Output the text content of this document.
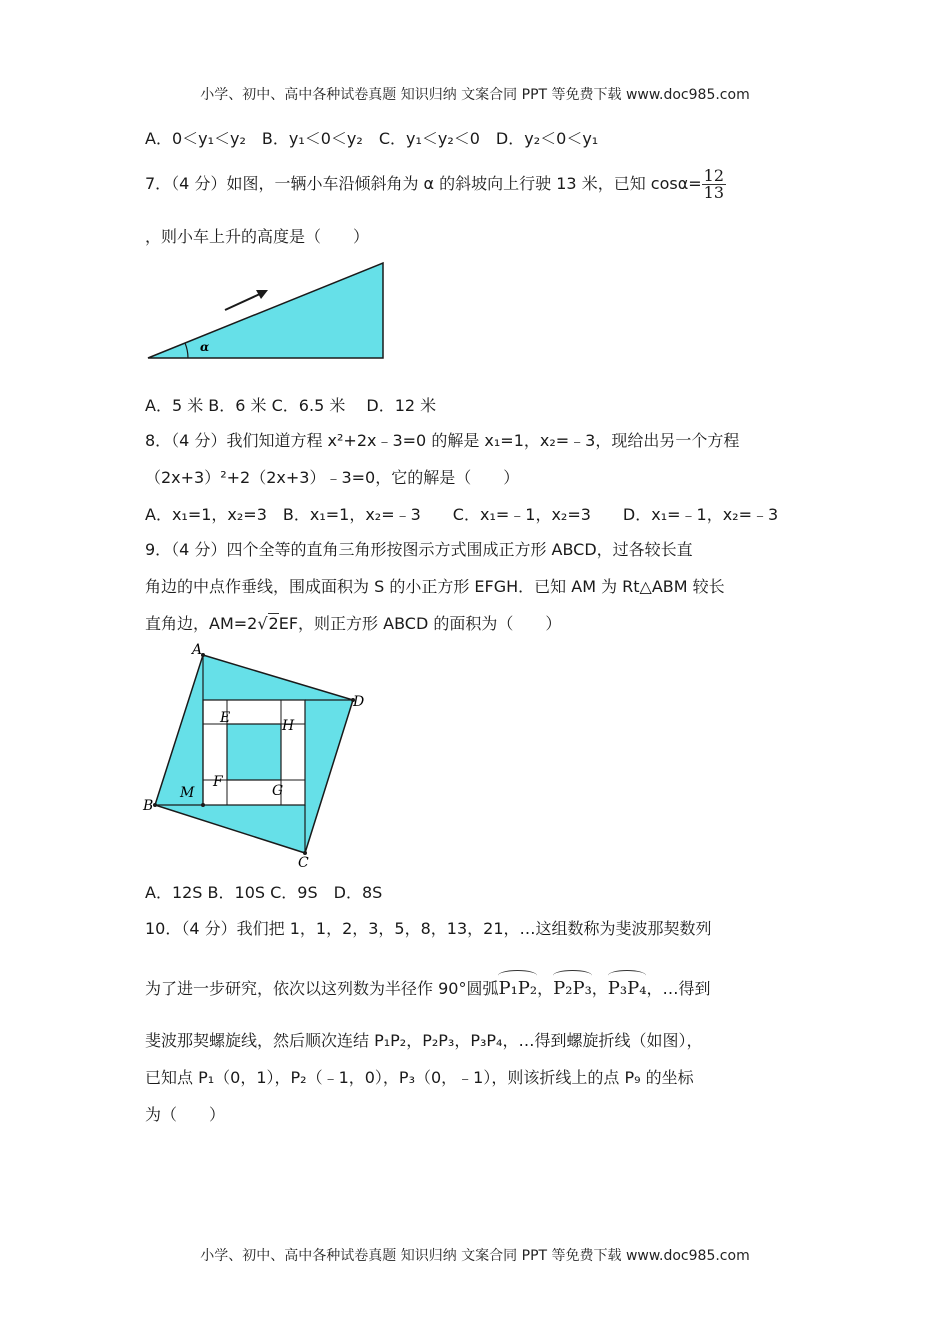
小学、初中、高中各种试卷真题 知识归纳 文案合同 PPT 等免费下载 www.doc985.com
A．0＜y₁＜y₂　B．y₁＜0＜y₂　C．y₁＜y₂＜0　D．y₂＜0＜y₁
7．（4 分）如图，一辆小车沿倾斜角为 α 的斜坡向上行驶 13 米，已知 $\cos\alpha= \frac{12}{13}$
，则小车上升的高度是（　　）
α
A．5 米 B．6 米 C．6.5 米　 D．12 米
8．（4 分）我们知道方程 x²+2x﹣3=0 的解是 x₁=1，x₂=﹣3，现给出另一个方程
（2x+3）²+2（2x+3）﹣3=0，它的解是（　　）
A．x₁=1，x₂=3　B．x₁=1，x₂=﹣3　　C．x₁=﹣1，x₂=3　　D．x₁=﹣1，x₂=﹣3
9．（4 分）四个全等的直角三角形按图示方式围成正方形 ABCD，过各较长直
角边的中点作垂线，围成面积为 S 的小正方形 EFGH．已知 AM 为 Rt△ABM 较长
直角边，AM=2√2EF，则正方形 ABCD 的面积为（　　）
A
D
C
B
M
E	H
F
G
A．12S B．10S C．9S　D．8S
10．（4 分）我们把 1，1，2，3，5，8，13，21，…这组数称为斐波那契数列
为了进一步研究，依次以这列数为半径作 90°圆弧P₁P₂，P₂P₃，P₃P₄，…得到
斐波那契螺旋线，然后顺次连结 P₁P₂，P₂P₃，P₃P₄，…得到螺旋折线（如图），
已知点 P₁（0，1），P₂（﹣1，0），P₃（0，﹣1），则该折线上的点 P₉ 的坐标
为（　　）
小学、初中、高中各种试卷真题 知识归纳 文案合同 PPT 等免费下载 www.doc985.com
